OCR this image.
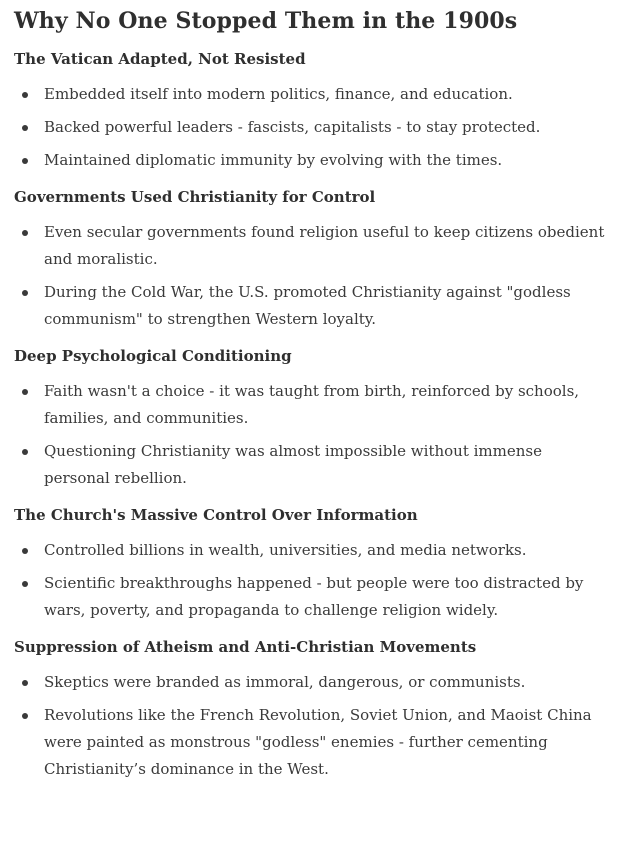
Why No One Stopped Them in the 1900s
The Vatican Adapted, Not Resisted
Embedded itself into modern politics, finance, and education.
Backed powerful leaders - fascists, capitalists - to stay protected.
Maintained diplomatic immunity by evolving with the times.
Governments Used Christianity for Control
Even secular governments found religion useful to keep citizens obedient and moralistic.
During the Cold War, the U.S. promoted Christianity against "godless communism" to strengthen Western loyalty.
Deep Psychological Conditioning
Faith wasn't a choice - it was taught from birth, reinforced by schools, families, and communities.
Questioning Christianity was almost impossible without immense personal rebellion.
The Church's Massive Control Over Information
Controlled billions in wealth, universities, and media networks.
Scientific breakthroughs happened - but people were too distracted by wars, poverty, and propaganda to challenge religion widely.
Suppression of Atheism and Anti-Christian Movements
Skeptics were branded as immoral, dangerous, or communists.
Revolutions like the French Revolution, Soviet Union, and Maoist China were painted as monstrous "godless" enemies - further cementing Christianity’s dominance in the West.
